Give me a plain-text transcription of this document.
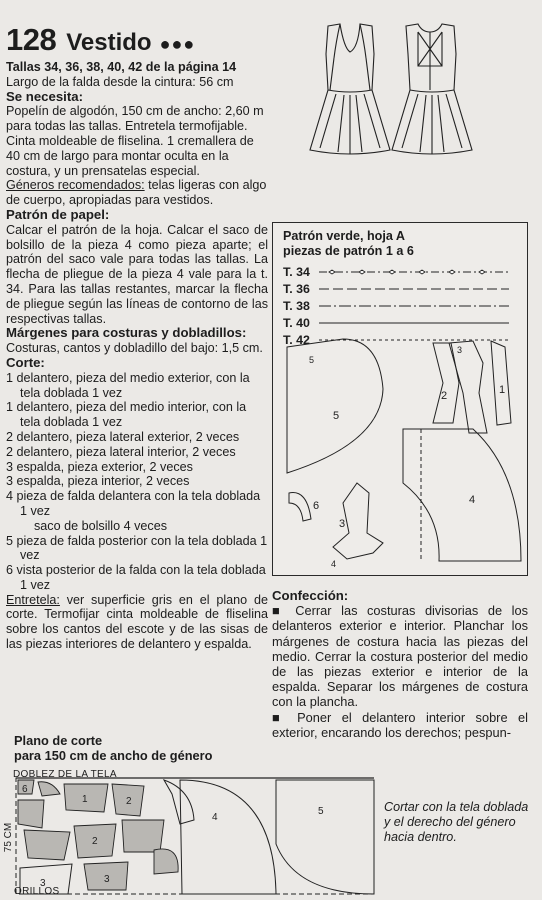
128 Vestido ●●●
Tallas 34, 36, 38, 40, 42 de la página 14
Largo de la falda desde la cintura: 56 cm
Se necesita:
Popelín de algodón, 150 cm de ancho: 2,60 m para todas las tallas. Entretela termofijable. Cinta moldeable de fliselina. 1 cremallera de 40 cm de largo para montar oculta en la costura, y un prensatelas especial.
Géneros recomendados: telas ligeras con algo de cuerpo, apropiadas para vestidos.
Patrón de papel:
Calcar el patrón de la hoja. Calcar el saco de bolsillo de la pieza 4 como pieza aparte; el patrón del saco vale para todas las tallas. La flecha de pliegue de la pieza 4 vale para la t. 34. Para las tallas restantes, marcar la flecha de pliegue según las líneas de contorno de las respectivas tallas.
Márgenes para costuras y dobladillos:
Costuras, cantos y dobladillo del bajo: 1,5 cm.
Corte:
1 delantero, pieza del medio exterior, con la tela doblada 1 vez
1 delantero, pieza del medio interior, con la tela doblada 1 vez
2 delantero, pieza lateral exterior, 2 veces
2 delantero, pieza lateral interior, 2 veces
3 espalda, pieza exterior, 2 veces
3 espalda, pieza interior, 2 veces
4 pieza de falda delantera con la tela doblada 1 vez
saco de bolsillo 4 veces
5 pieza de falda posterior con la tela doblada 1 vez
6 vista posterior de la falda con la tela doblada 1 vez
Entretela: ver superficie gris en el plano de corte. Termofijar cinta moldeable de fliselina sobre los cantos del escote y de las sisas de las piezas interiores de delantero y espalda.
Patrón verde, hoja A
piezas de patrón 1 a 6
T. 34
T. 36
T. 38
T. 40
T. 42
5
5
2
3
1
4
6
3
4
Confección:

■ Cerrar las costuras divisorias de los delanteros exterior e interior. Planchar los márgenes de costura hacia las piezas del medio. Cerrar la costura posterior del medio de las piezas exterior e interior de la espalda. Separar los márgenes de costura con la plancha.

■ Poner el delantero interior sobre el exterior, encarando los derechos; pespun-

Plano de corte
para 150 cm de ancho de género
6
1	2
2
3	3
4
5
DOBLEZ DE LA TELA
ORILLOS
75 CM
Cortar con la tela doblada y el derecho del género hacia dentro.
